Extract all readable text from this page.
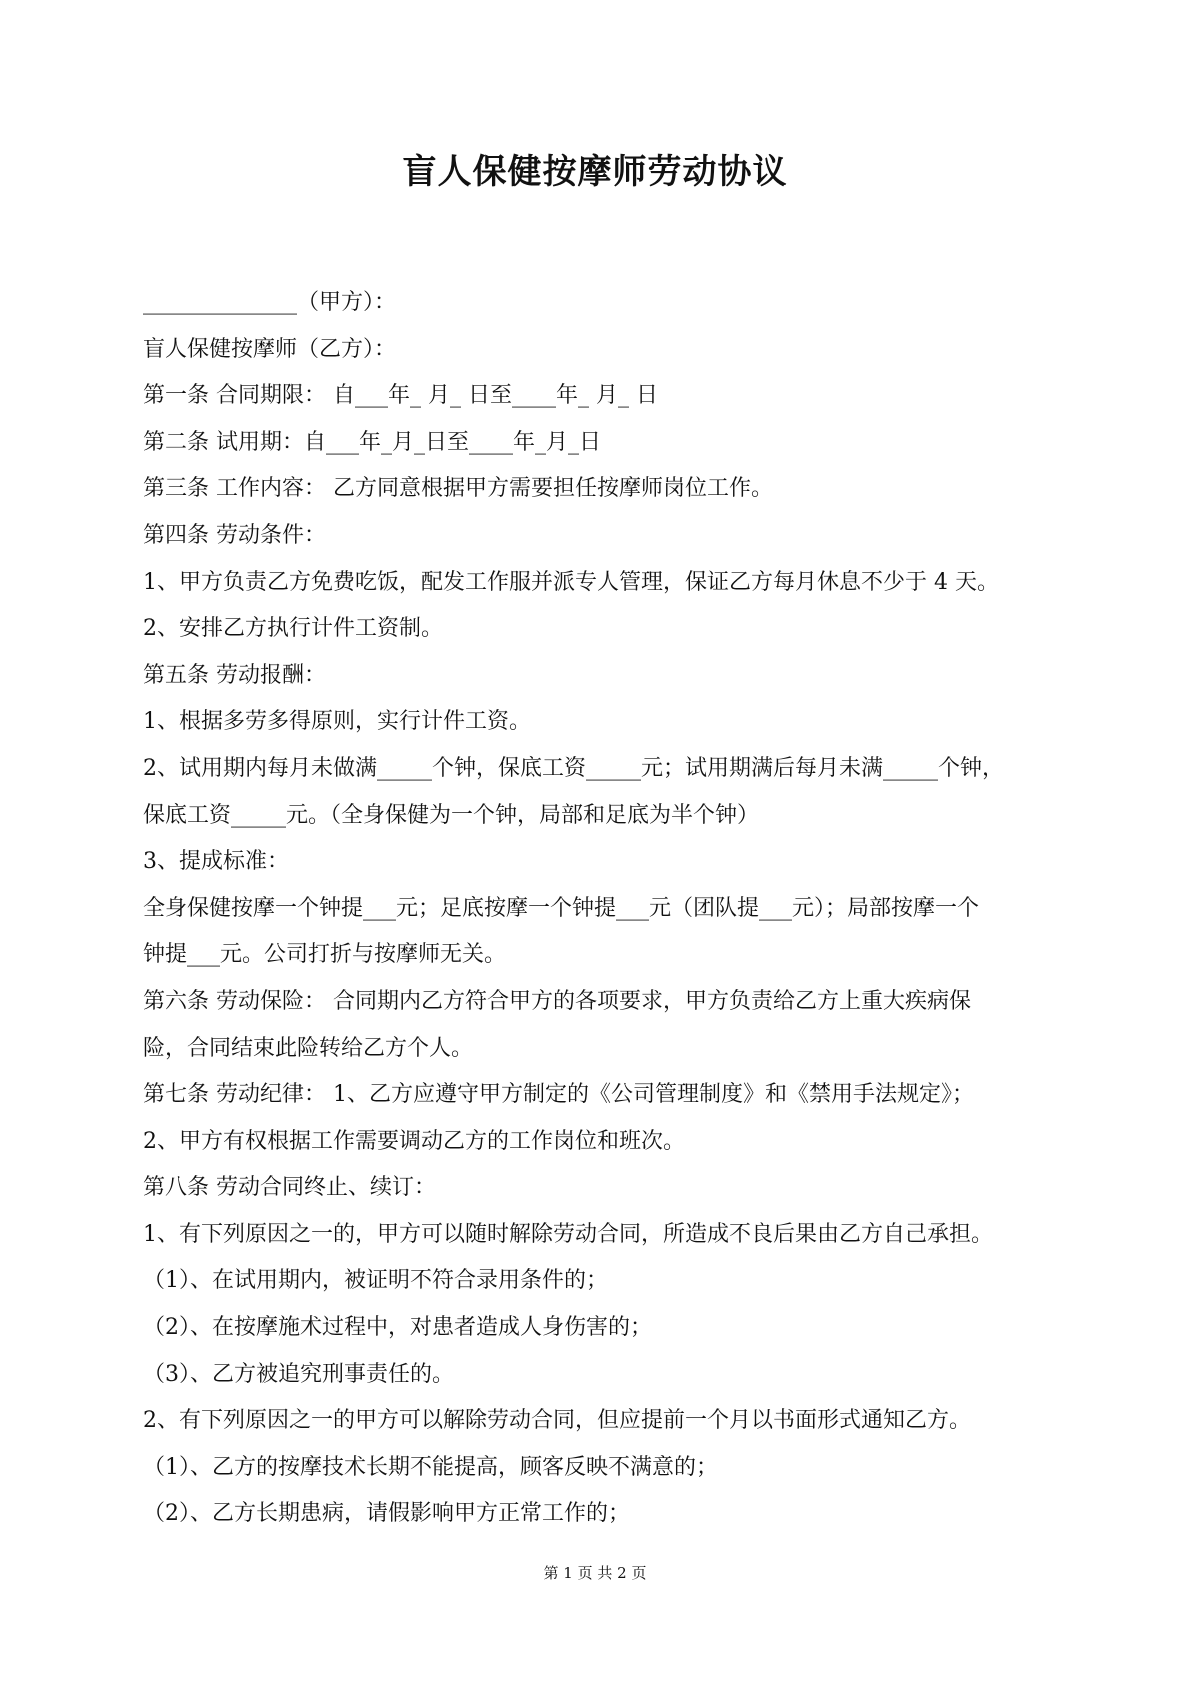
盲人保健按摩师劳动协议
______________（甲方）：
盲人保健按摩师（乙方）：
第一条 合同期限： 自___年_ 月_ 日至____年_ 月_ 日
第二条 试用期：自___年_月_日至____年_月_日
第三条 工作内容： 乙方同意根据甲方需要担任按摩师岗位工作。
第四条 劳动条件：
1、甲方负责乙方免费吃饭，配发工作服并派专人管理，保证乙方每月休息不少于 4 天。
2、安排乙方执行计件工资制。
第五条 劳动报酬：
1、根据多劳多得原则，实行计件工资。
2、试用期内每月未做满_____个钟，保底工资_____元；试用期满后每月未满_____个钟，
保底工资_____元。（全身保健为一个钟，局部和足底为半个钟）
3、提成标准：
全身保健按摩一个钟提___元；足底按摩一个钟提___元（团队提___元）；局部按摩一个
钟提___元。公司打折与按摩师无关。
第六条 劳动保险： 合同期内乙方符合甲方的各项要求，甲方负责给乙方上重大疾病保
险，合同结束此险转给乙方个人。
第七条 劳动纪律： 1、乙方应遵守甲方制定的《公司管理制度》和《禁用手法规定》；
2、甲方有权根据工作需要调动乙方的工作岗位和班次。
第八条 劳动合同终止、续订：
1、有下列原因之一的，甲方可以随时解除劳动合同，所造成不良后果由乙方自己承担。
（1）、在试用期内，被证明不符合录用条件的；
（2）、在按摩施术过程中，对患者造成人身伤害的；
（3）、乙方被追究刑事责任的。
2、有下列原因之一的甲方可以解除劳动合同，但应提前一个月以书面形式通知乙方。
（1）、乙方的按摩技术长期不能提高，顾客反映不满意的；
（2）、乙方长期患病，请假影响甲方正常工作的；
第 1 页 共 2 页
